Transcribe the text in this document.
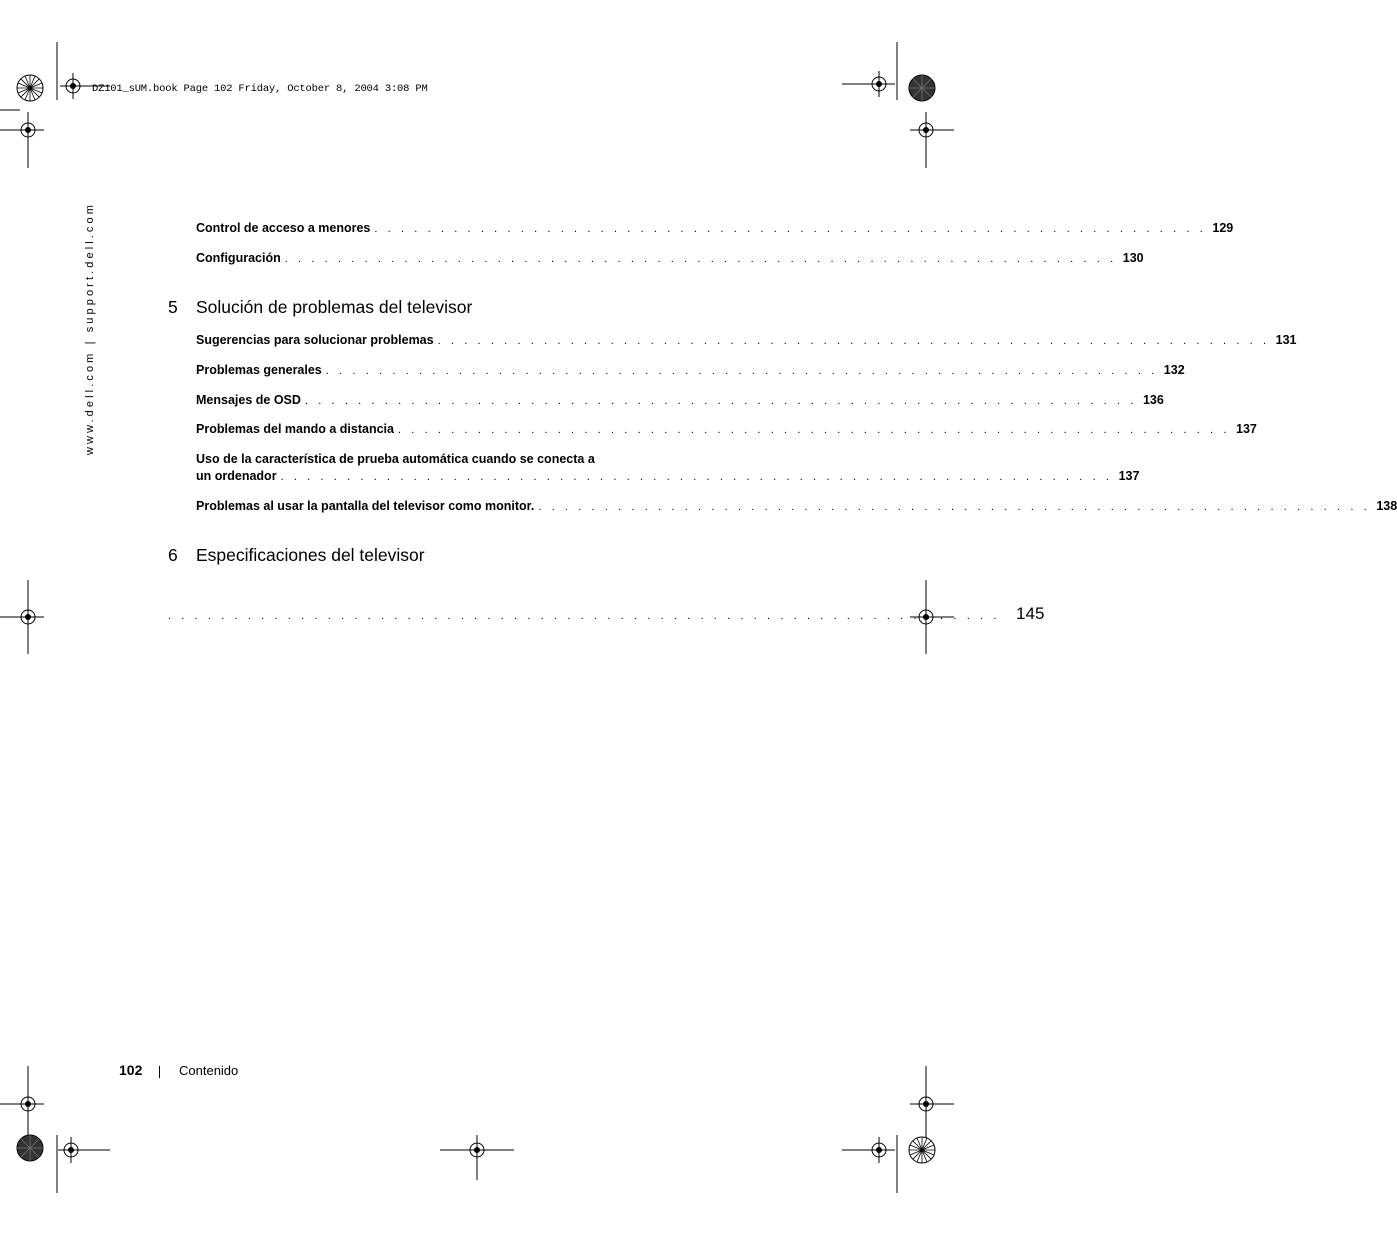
DZ101_sUM.book Page 102 Friday, October 8, 2004 3:08 PM
www.dell.com | support.dell.com	Control de acceso a menores . . . . . . . . . . . . . . . . . . . . . . . . . . . . . . . . . . . . . . . . . . . . . . . . . . . . . . . . . . . . . . . 129
Configuración . . . . . . . . . . . . . . . . . . . . . . . . . . . . . . . . . . . . . . . . . . . . . . . . . . . . . . . . . . . . . . . 130
5 Solución de problemas del televisor
Sugerencias para solucionar problemas . . . . . . . . . . . . . . . . . . . . . . . . . . . . . . . . . . . . . . . . . . . . . . . . . . . . . . . . . . . . . . . 131
Problemas generales . . . . . . . . . . . . . . . . . . . . . . . . . . . . . . . . . . . . . . . . . . . . . . . . . . . . . . . . . . . . . . . 132
Mensajes de OSD . . . . . . . . . . . . . . . . . . . . . . . . . . . . . . . . . . . . . . . . . . . . . . . . . . . . . . . . . . . . . . . 136
Problemas del mando a distancia . . . . . . . . . . . . . . . . . . . . . . . . . . . . . . . . . . . . . . . . . . . . . . . . . . . . . . . . . . . . . . . 137
Uso de la característica de prueba automática cuando se conecta a
un ordenador . . . . . . . . . . . . . . . . . . . . . . . . . . . . . . . . . . . . . . . . . . . . . . . . . . . . . . . . . . . . . . . 137
Problemas al usar la pantalla del televisor como monitor. . . . . . . . . . . . . . . . . . . . . . . . . . . . . . . . . . . . . . . . . . . . . . . . . . . . . . . . . . . . . . . . 138
6 Especificaciones del televisor
. . . . . . . . . . . . . . . . . . . . . . . . . . . . . . . . . . . . . . . . . . . . . . . . . . . . . . . . . . . . . . . 145
102	Contenido
